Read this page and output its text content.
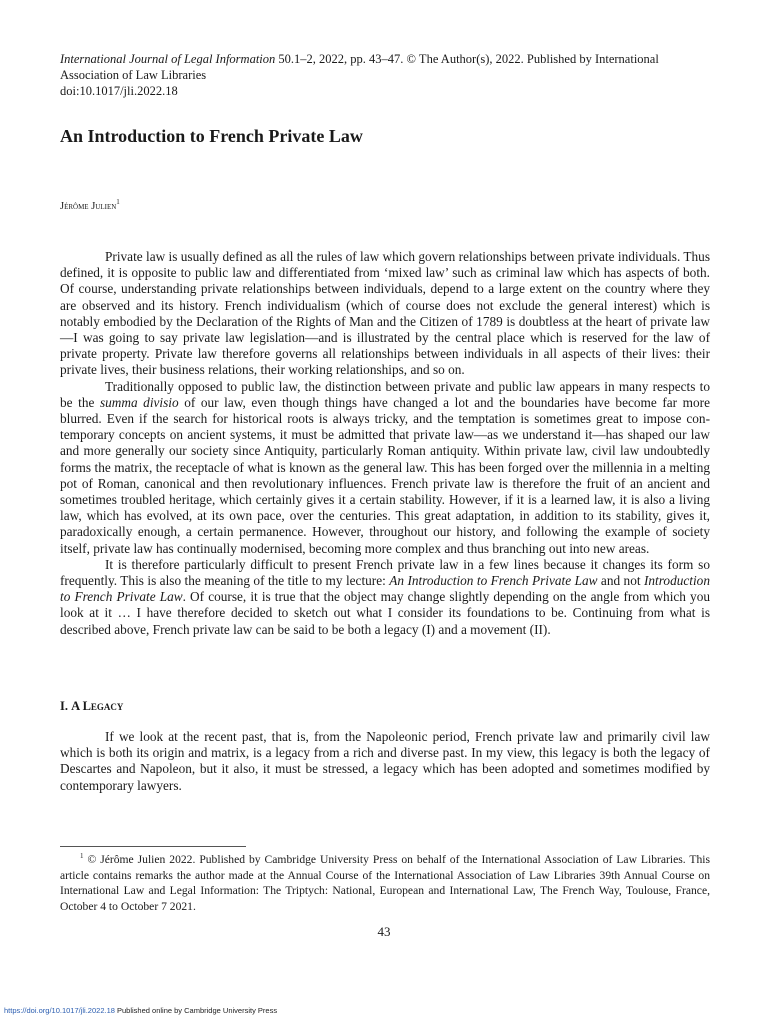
International Journal of Legal Information 50.1–2, 2022, pp. 43–47. © The Author(s), 2022. Published by International Association of Law Libraries
doi:10.1017/jli.2022.18
An Introduction to French Private Law
Jérôme Julien$^1$

Private law is usually defined as all the rules of law which govern relationships between private individuals. Thus defined, it is opposite to public law and differentiated from ‘mixed law’ such as criminal law which has aspects of both. Of course, understanding private relationships between individuals, depend to a large extent on the country where they are observed and its history. French individualism (which of course does not exclude the general interest) which is notably embodied by the Declaration of the Rights of Man and the Citizen of 1789 is doubtless at the heart of private law—I was going to say private law legislation—and is illustrated by the central place which is reserved for the law of private property. Private law therefore governs all relationships between individuals in all aspects of their lives: their private lives, their business relations, their working relationships, and so on.

Traditionally opposed to public law, the distinction between private and public law appears in many respects to be the summa divisio of our law, even though things have changed a lot and the boundaries have become far more blurred. Even if the search for historical roots is always tricky, and the temptation is sometimes great to impose contemporary concepts on ancient systems, it must be admitted that private law—as we understand it—has shaped our law and more generally our society since Antiquity, particularly Roman antiquity. Within private law, civil law undoubtedly forms the matrix, the receptacle of what is known as the general law. This has been forged over the millennia in a melting pot of Roman, canonical and then revolutionary influences. French private law is therefore the fruit of an ancient and sometimes troubled heritage, which certainly gives it a certain stability. However, if it is a learned law, it is also a living law, which has evolved, at its own pace, over the centuries. This great adaptation, in addition to its stability, gives it, paradoxically enough, a certain permanence. However, throughout our history, and following the example of society itself, private law has continually modernised, becoming more complex and thus branching out into new areas.

It is therefore particularly difficult to present French private law in a few lines because it changes its form so frequently. This is also the meaning of the title to my lecture: An Introduction to French Private Law and not Introduction to French Private Law. Of course, it is true that the object may change slightly depending on the angle from which you look at it … I have therefore decided to sketch out what I consider its foundations to be. Continuing from what is described above, French private law can be said to be both a legacy (I) and a movement (II).

I. A Legacy

If we look at the recent past, that is, from the Napoleonic period, French private law and primarily civil law which is both its origin and matrix, is a legacy from a rich and diverse past. In my view, this legacy is both the legacy of Descartes and Napoleon, but it also, it must be stressed, a legacy which has been adopted and sometimes modified by contemporary lawyers.

$^1$ © Jérôme Julien 2022. Published by Cambridge University Press on behalf of the International Association of Law Libraries. This article contains remarks the author made at the Annual Course of the International Association of Law Libraries 39th Annual Course on International Law and Legal Information: The Triptych: National, European and International Law, The French Way, Toulouse, France, October 4 to October 7 2021.

43
https://doi.org/10.1017/jli.2022.18 Published online by Cambridge University Press
